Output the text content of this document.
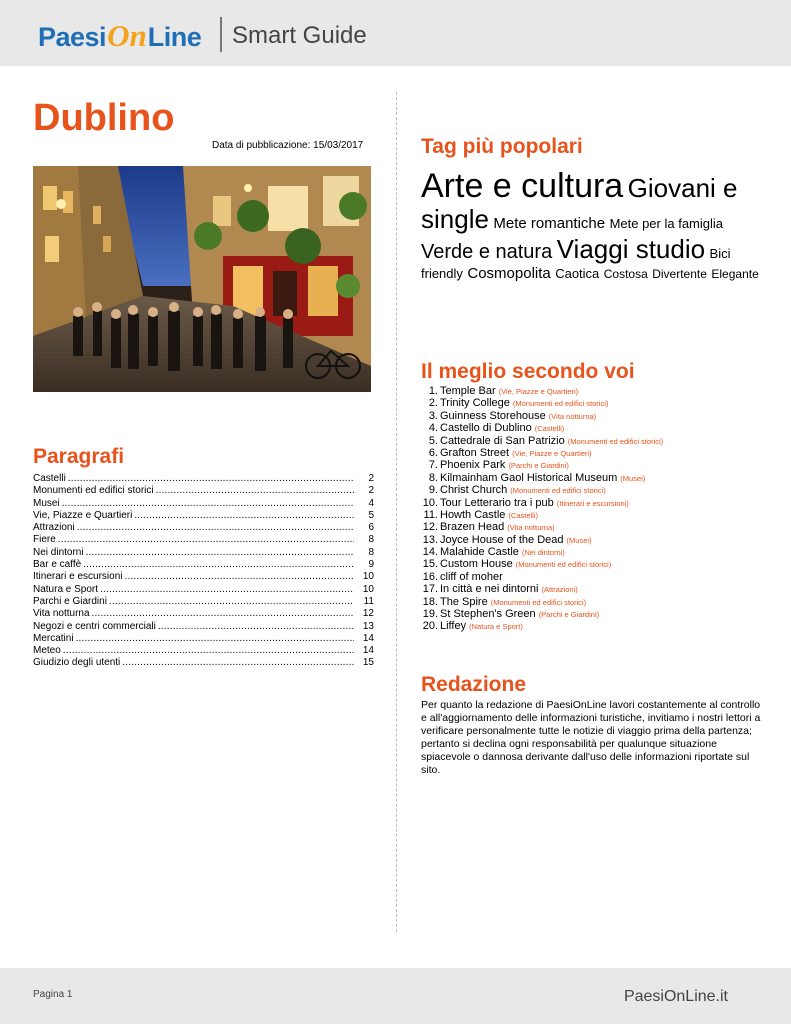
Paesi On Line Smart Guide
Dublino
Data di pubblicazione: 15/03/2017
Paragrafi
Castelli .....	2
Monumenti ed edifici storici .....	2
Musei .....	4
Vie, Piazze e Quartieri .....	5
Attrazioni .....	6
Fiere .....	8
Nei dintorni .....	8
Bar e caffè .....	9
Itinerari e escursioni .....	10
Natura e Sport .....	10
Parchi e Giardini .....	11
Vita notturna .....	12
Negozi e centri commerciali .....	13
Mercatini .....	14
Meteo .....	14
Giudizio degli utenti .....	15
Tag più popolari
Arte e cultura Giovani e single Mete romantiche Mete per la famiglia Verde e natura Viaggi studio Bici friendly Cosmopolita Caotica Costosa Divertente Elegante
Il meglio secondo voi
1. Temple Bar (Vie, Piazze e Quartieri)
2. Trinity College (Monumenti ed edifici storici)
3. Guinness Storehouse (Vita notturna)
4. Castello di Dublino (Castelli)
5. Cattedrale di San Patrizio (Monumenti ed edifici storici)
6. Grafton Street (Vie, Piazze e Quartieri)
7. Phoenix Park (Parchi e Giardini)
8. Kilmainham Gaol Historical Museum (Musei)
9. Christ Church (Monumenti ed edifici storici)
10. Tour Letterario tra i pub (Itinerari e escursioni)
11. Howth Castle (Castelli)
12. Brazen Head (Vita notturna)
13. Joyce House of the Dead (Musei)
14. Malahide Castle (Nei dintorni)
15. Custom House (Monumenti ed edifici storici)
16. cliff of moher
17. In città e nei dintorni (Attrazioni)
18. The Spire (Monumenti ed edifici storici)
19. St Stephen's Green (Parchi e Giardini)
20. Liffey (Natura e Sport)
Redazione
Per quanto la redazione di PaesiOnLine lavori costantemente al controllo e all'aggiornamento delle informazioni turistiche, invitiamo i nostri lettori a verificare personalmente tutte le notizie di viaggio prima della partenza; pertanto si declina ogni responsabilità per qualunque situazione spiacevole o dannosa derivante dall'uso delle informazioni riportate sul sito.
Pagina 1	PaesiOnLine.it
